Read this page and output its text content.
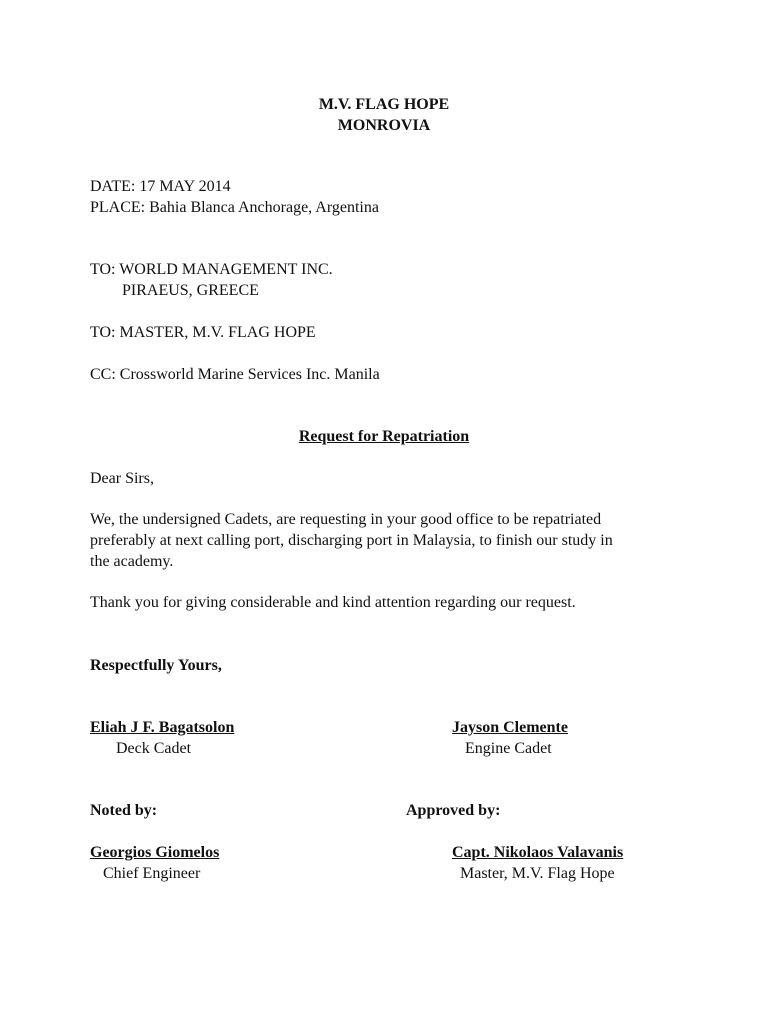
M.V. FLAG HOPE
MONROVIA
DATE: 17 MAY 2014
PLACE: Bahia Blanca Anchorage, Argentina
TO: WORLD MANAGEMENT INC.
PIRAEUS, GREECE
TO: MASTER, M.V. FLAG HOPE
CC: Crossworld Marine Services Inc. Manila
Request for Repatriation
Dear Sirs,
We, the undersigned Cadets, are requesting in your good office to be repatriated
preferably at next calling port, discharging port in Malaysia, to finish our study in
the academy.
Thank you for giving considerable and kind attention regarding our request.
Respectfully Yours,
Eliah J F. Bagatsolon
Deck Cadet
Jayson Clemente
Engine Cadet
Noted by:	Approved by:
Georgios Giomelos
Chief Engineer
Capt. Nikolaos Valavanis
Master, M.V. Flag Hope
